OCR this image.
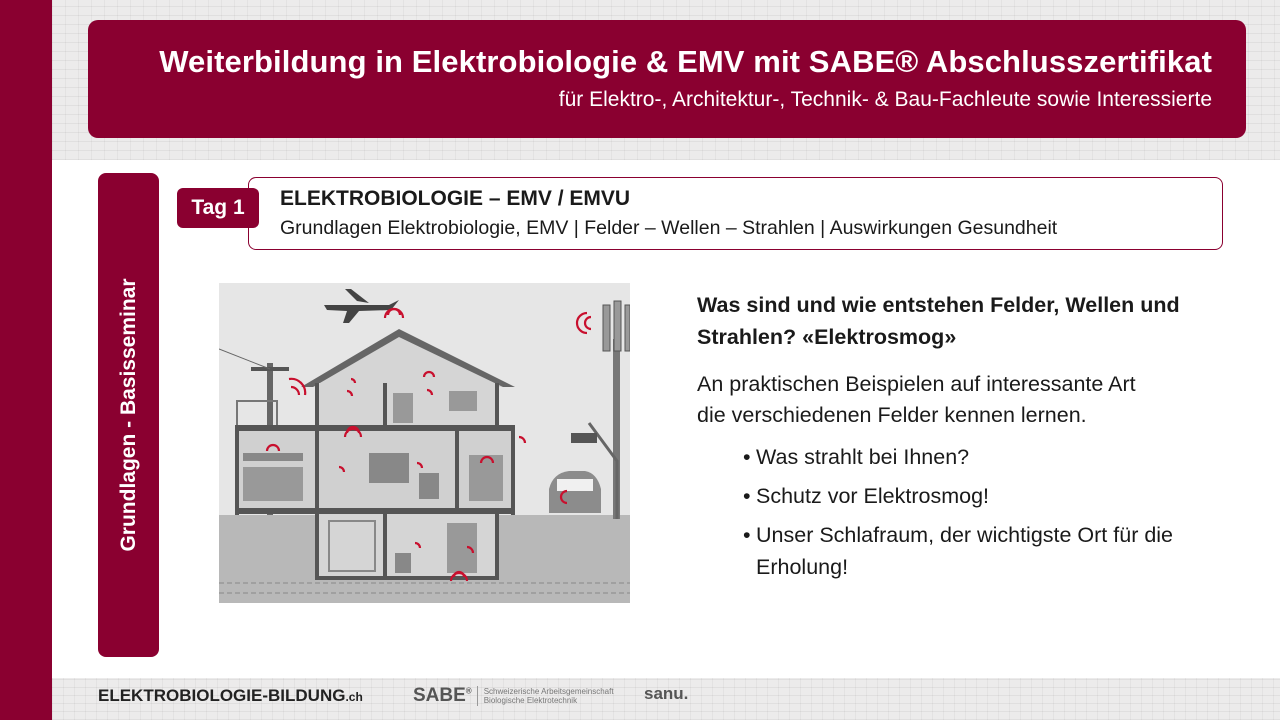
Weiterbildung in Elektrobiologie & EMV mit SABE® Abschlusszertifikat
für Elektro-, Architektur-, Technik- & Bau-Fachleute sowie Interessierte
Grundlagen - Basisseminar
ELEKTROBIOLOGIE – EMV / EMVU
Grundlagen Elektrobiologie, EMV | Felder – Wellen – Strahlen | Auswirkungen Gesundheit
Tag 1
Was sind und wie entstehen Felder, Wellen und
Strahlen? «Elektrosmog»
An praktischen Beispielen auf interessante Art
die verschiedenen Felder kennen lernen.
• Was strahlt bei Ihnen?
• Schutz vor Elektrosmog!
• Unser Schlafraum, der wichtigste Ort für die Erholung!
ELEKTROBIOLOGIE-BILDUNG.ch	SABE® Schweizerische Arbeitsgemeinschaft
Biologische Elektrotechnik	sanu.
